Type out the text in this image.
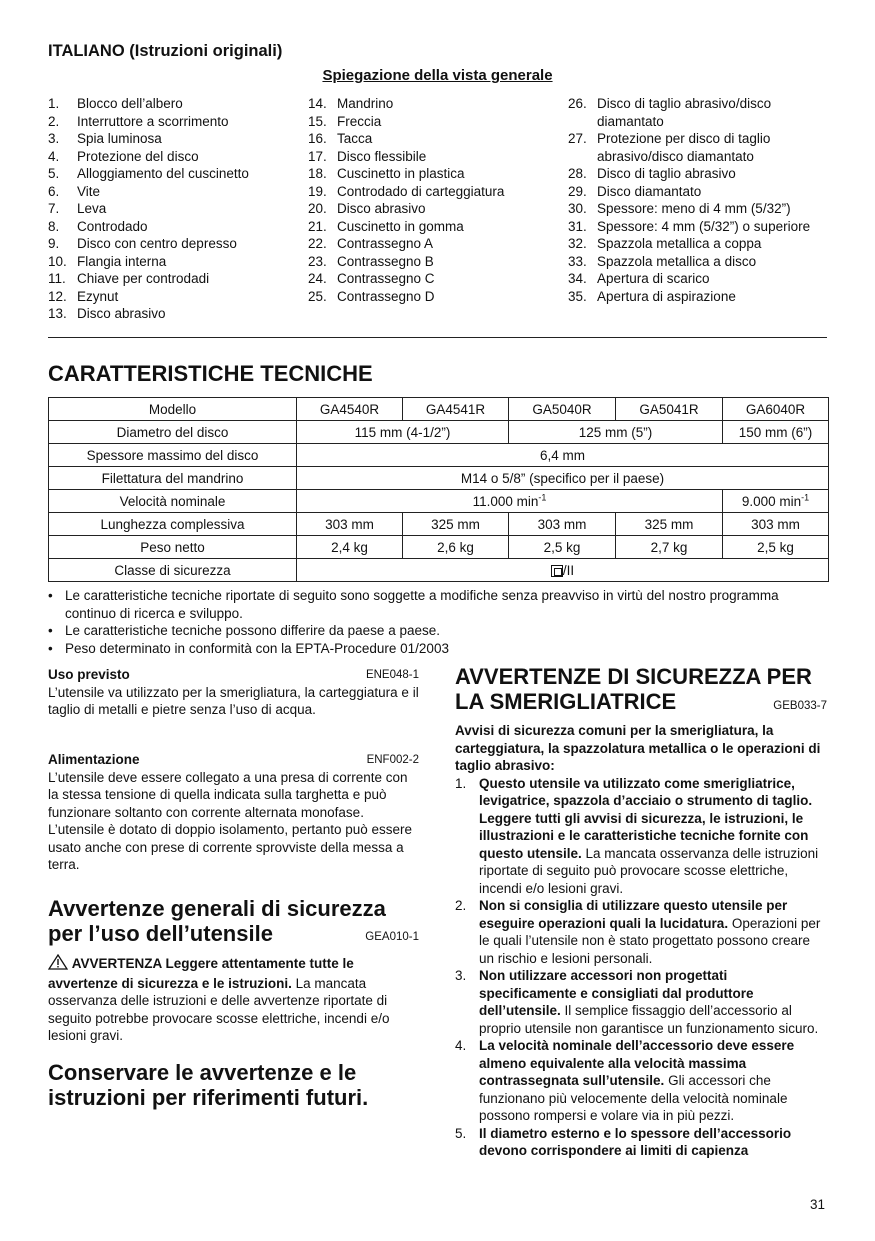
ITALIANO (Istruzioni originali)
Spiegazione della vista generale
1.	Blocco dell’albero
2.	Interruttore a scorrimento
3.	Spia luminosa
4.	Protezione del disco
5.	Alloggiamento del cuscinetto
6.	Vite
7.	Leva
8.	Controdado
9.	Disco con centro depresso
10. Flangia interna
11. Chiave per controdadi
12. Ezynut
13. Disco abrasivo
14. Mandrino
15. Freccia
16. Tacca
17. Disco flessibile
18. Cuscinetto in plastica
19. Controdado di carteggiatura
20. Disco abrasivo
21. Cuscinetto in gomma
22. Contrassegno A
23. Contrassegno B
24. Contrassegno C
25. Contrassegno D
26. Disco di taglio abrasivo/disco diamantato
27. Protezione per disco di taglio abrasivo/disco diamantato
28. Disco di taglio abrasivo
29. Disco diamantato
30. Spessore: meno di 4 mm (5/32”)
31. Spessore: 4 mm (5/32”) o superiore
32. Spazzola metallica a coppa
33. Spazzola metallica a disco
34. Apertura di scarico
35. Apertura di aspirazione
CARATTERISTICHE TECNICHE
Modello	GA4540R	GA4541R	GA5040R	GA5041R	GA6040R
Diametro del disco	115 mm (4-1/2”)		125 mm (5”)		150 mm (6”)
Spessore massimo del disco	6,4 mm				
Filettatura del mandrino	M14 o 5/8” (specifico per il paese)				
Velocità nominale	11.000 $\min^{-1}$				9.000 $\min^{-1}$
Lunghezza complessiva	303 mm	325 mm	303 mm	325 mm	303 mm
Peso netto	2,4 kg	2,6 kg	2,5 kg	2,7 kg	2,5 kg
Classe di sicurezza	/II				
• Le caratteristiche tecniche riportate di seguito sono soggette a modifiche senza preavviso in virtù del nostro programma continuo di ricerca e sviluppo.
• Le caratteristiche tecniche possono differire da paese a paese.
• Peso determinato in conformità con la EPTA-Procedure 01/2003
Uso previsto	ENE048-1
L’utensile va utilizzato per la smerigliatura, la carteggiatura e il taglio di metalli e pietre senza l’uso di acqua.
Alimentazione	ENF002-2
L’utensile deve essere collegato a una presa di corrente con la stessa tensione di quella indicata sulla targhetta e può funzionare soltanto con corrente alternata monofase. L’utensile è dotato di doppio isolamento, pertanto può essere usato anche con prese di corrente sprovviste della messa a terra.
Avvertenze generali di sicurezza
per l’uso dell’utensile	GEA010-1
AVVERTENZA Leggere attentamente tutte le avvertenze di sicurezza e le istruzioni. La mancata osservanza delle istruzioni e delle avvertenze riportate di seguito potrebbe provocare scosse elettriche, incendi e/o lesioni gravi.
Conservare le avvertenze e le
istruzioni per riferimenti futuri.
AVVERTENZE DI SICUREZZA PER
LA SMERIGLIATRICE	GEB033-7
Avvisi di sicurezza comuni per la smerigliatura, la carteggiatura, la spazzolatura metallica o le operazioni di taglio abrasivo:
1. Questo utensile va utilizzato come smerigliatrice, levigatrice, spazzola d’acciaio o strumento di taglio. Leggere tutti gli avvisi di sicurezza, le istruzioni, le illustrazioni e le caratteristiche tecniche fornite con questo utensile. La mancata osservanza delle istruzioni riportate di seguito può provocare scosse elettriche, incendi e/o lesioni gravi.
2. Non si consiglia di utilizzare questo utensile per eseguire operazioni quali la lucidatura. Operazioni per le quali l’utensile non è stato progettato possono creare un rischio e lesioni personali.
3. Non utilizzare accessori non progettati specificamente e consigliati dal produttore dell’utensile. Il semplice fissaggio dell’accessorio al proprio utensile non garantisce un funzionamento sicuro.
4. La velocità nominale dell’accessorio deve essere almeno equivalente alla velocità massima contrassegnata sull’utensile. Gli accessori che funzionano più velocemente della velocità nominale possono rompersi e volare via in più pezzi.
5. Il diametro esterno e lo spessore dell’accessorio devono corrispondere ai limiti di capienza
31
